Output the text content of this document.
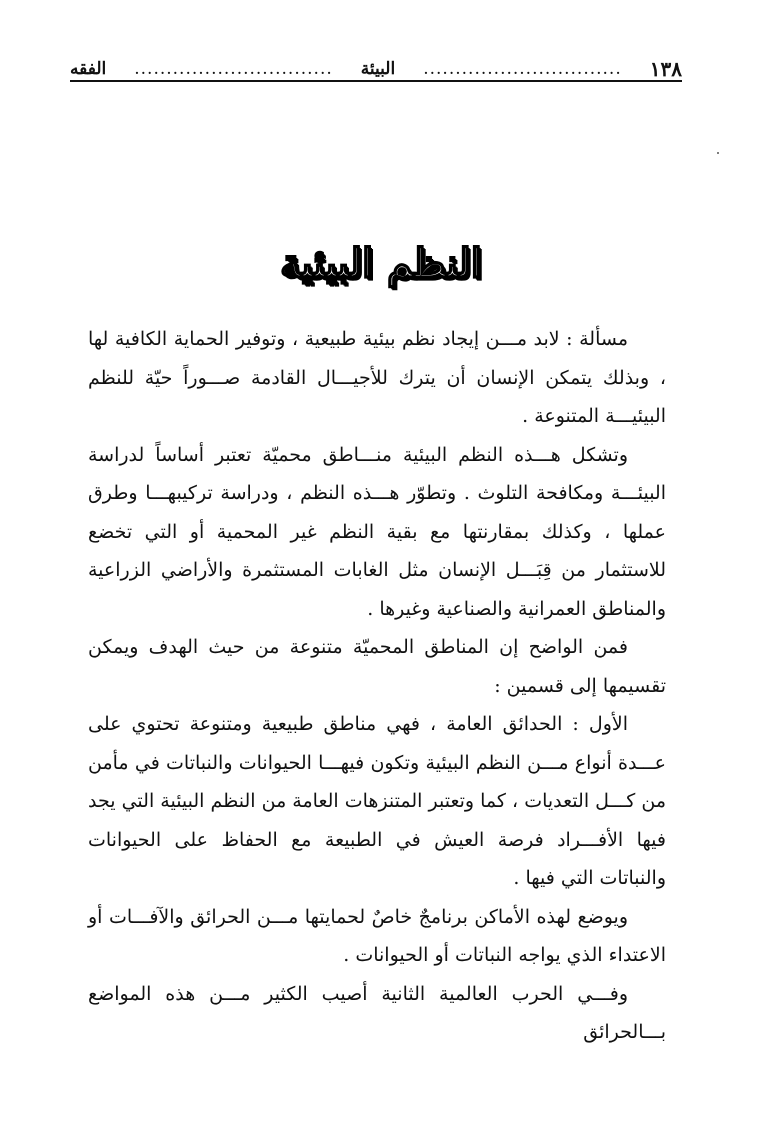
١٣٨
...............................
البيئة
...............................
الفقه
النظم البيئية

مسألة : لابد مـــن إيجاد نظم بيئية طبيعية ، وتوفير الحماية الكافية لها ، وبذلك يتمكن الإنسان أن يترك للأجيـــال القادمة صـــوراً حيّة للنظم البيئيـــة المتنوعة .

وتشكل هـــذه النظم البيئية منـــاطق محميّة تعتبر أساساً لدراسة البيئـــة ومكافحة التلوث . وتطوّر هـــذه النظم ، ودراسة تركيبهـــا وطرق عملها ، وكذلك بمقارنتها مع بقية النظم غير المحمية أو التي تخضع للاستثمار من قِبَـــل الإنسان مثل الغابات المستثمرة والأراضي الزراعية والمناطق العمرانية والصناعية وغيرها .

فمن الواضح إن المناطق المحميّة متنوعة من حيث الهدف ويمكن تقسيمها إلى قسمين :

الأول : الحدائق العامة ، فهي مناطق طبيعية ومتنوعة تحتوي على عـــدة أنواع مـــن النظم البيئية وتكون فيهـــا الحيوانات والنباتات في مأمن من كـــل التعديات ، كما وتعتبر المتنزهات العامة من النظم البيئية التي يجد فيها الأفـــراد فرصة العيش في الطبيعة مع الحفاظ على الحيوانات والنباتات التي فيها .

ويوضع لهذه الأماكن برنامجٌ خاصٌ لحمايتها مـــن الحرائق والآفـــات أو الاعتداء الذي يواجه النباتات أو الحيوانات .

وفـــي الحرب العالمية الثانية أصيب الكثير مـــن هذه المواضع بـــالحرائق
